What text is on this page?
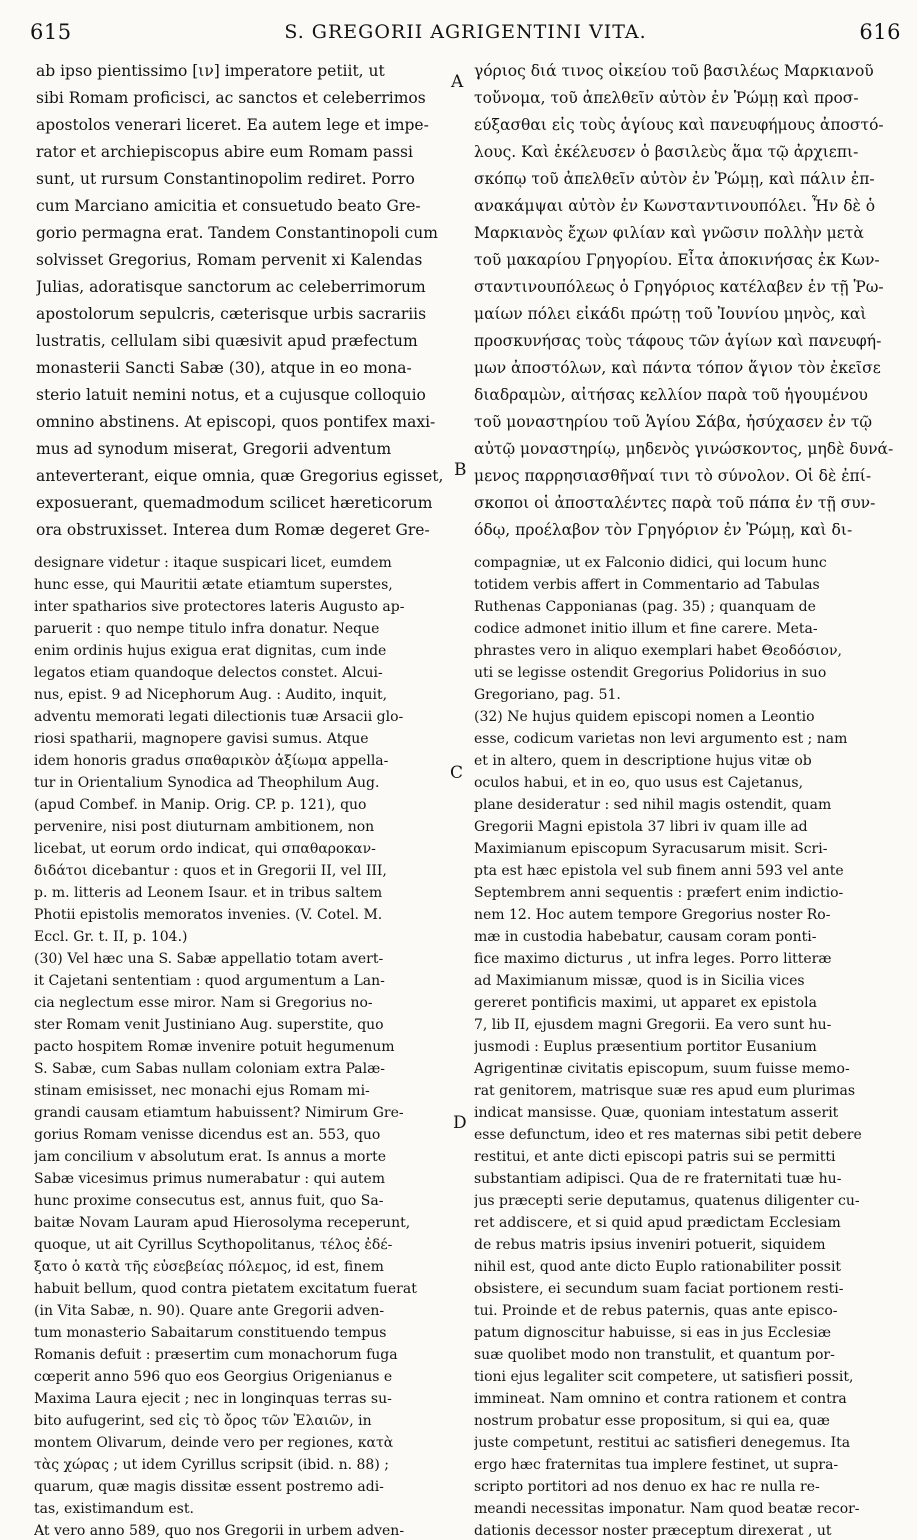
615	S. GREGORII AGRIGENTINI VITA.	616
ab ipso pientissimo [ιν] imperatore petiit, ut
sibi Romam proficisci, ac sanctos et celeberrimos
apostolos venerari liceret. Ea autem lege et impe-
rator et archiepiscopus abire eum Romam passi
sunt, ut rursum Constantinopolim rediret. Porro
cum Marciano amicitia et consuetudo beato Gre-
gorio permagna erat. Tandem Constantinopoli cum
solvisset Gregorius, Romam pervenit xi Kalendas
Julias, adoratisque sanctorum ac celeberrimorum
apostolorum sepulcris, cæterisque urbis sacrariis
lustratis, cellulam sibi quæsivit apud præfectum
monasterii Sancti Sabæ (30), atque in eo mona-
sterio latuit nemini notus, et a cujusque colloquio
omnino abstinens. At episcopi, quos pontifex maxi-
mus ad synodum miserat, Gregorii adventum
anteverterant, eique omnia, quæ Gregorius egisset,
exposuerant, quemadmodum scilicet hæreticorum
ora obstruxisset. Interea dum Romæ degeret Gre-
γόριος διά τινος οἰκείου τοῦ βασιλέως Μαρκιανοῦ
τοὔνομα, τοῦ ἀπελθεῖν αὐτὸν ἐν Ῥώμῃ καὶ προσ-
εύξασθαι εἰς τοὺς ἁγίους καὶ πανευφήμους ἀποστό-
λους. Καὶ ἐκέλευσεν ὁ βασιλεὺς ἅμα τῷ ἀρχιεπι-
σκόπῳ τοῦ ἀπελθεῖν αὐτὸν ἐν Ῥώμῃ, καὶ πάλιν ἐπ-
ανακάμψαι αὐτὸν ἐν Κωνσταντινουπόλει. Ἦν δὲ ὁ
Μαρκιανὸς ἔχων φιλίαν καὶ γνῶσιν πολλὴν μετὰ
τοῦ μακαρίου Γρηγορίου. Εἶτα ἀποκινήσας ἐκ Κων-
σταντινουπόλεως ὁ Γρηγόριος κατέλαβεν ἐν τῇ Ῥω-
μαίων πόλει εἰκάδι πρώτῃ τοῦ Ἰουνίου μηνὸς, καὶ
προσκυνήσας τοὺς τάφους τῶν ἁγίων καὶ πανευφή-
μων ἀποστόλων, καὶ πάντα τόπον ἅγιον τὸν ἐκεῖσε
διαδραμὼν, αἰτήσας κελλίον παρὰ τοῦ ἡγουμένου
τοῦ μοναστηρίου τοῦ Ἁγίου Σάβα, ἡσύχασεν ἐν τῷ
αὐτῷ μοναστηρίῳ, μηδενὸς γινώσκοντος, μηδὲ δυνά-
μενος παρρησιασθῆναί τινι τὸ σύνολον. Οἱ δὲ ἐπί-
σκοποι οἱ ἀποσταλέντες παρὰ τοῦ πάπα ἐν τῇ συν-
όδῳ, προέλαβον τὸν Γρηγόριον ἐν Ῥώμῃ, καὶ δι-
A
B
C
D
designare videtur : itaque suspicari licet, eumdem
hunc esse, qui Mauritii ætate etiamtum superstes,
inter spatharios sive protectores lateris Augusto ap-
paruerit : quo nempe titulo infra donatur. Neque
enim ordinis hujus exigua erat dignitas, cum inde
legatos etiam quandoque delectos constet. Alcui-
nus, epist. 9 ad Nicephorum Aug. : Audito, inquit,
adventu memorati legati dilectionis tuæ Arsacii glo-
riosi spatharii, magnopere gavisi sumus. Atque
idem honoris gradus σπαθαρικὸν ἀξίωμα appella-
tur in Orientalium Synodica ad Theophilum Aug.
(apud Combef. in Manip. Orig. CP. p. 121), quo
pervenire, nisi post diuturnam ambitionem, non
licebat, ut eorum ordo indicat, qui σπαθαροκαν-
διδάτοι dicebantur : quos et in Gregorii II, vel III,
p. m. litteris ad Leonem Isaur. et in tribus saltem
Photii epistolis memoratos invenies. (V. Cotel. M.
Eccl. Gr. t. II, p. 104.)
(30) Vel hæc una S. Sabæ appellatio totam avert-
it Cajetani sententiam : quod argumentum a Lan-
cia neglectum esse miror. Nam si Gregorius no-
ster Romam venit Justiniano Aug. superstite, quo
pacto hospitem Romæ invenire potuit hegumenum
S. Sabæ, cum Sabas nullam coloniam extra Palæ-
stinam emisisset, nec monachi ejus Romam mi-
grandi causam etiamtum habuissent? Nimirum Gre-
gorius Romam venisse dicendus est an. 553, quo
jam concilium v absolutum erat. Is annus a morte
Sabæ vicesimus primus numerabatur : qui autem
hunc proxime consecutus est, annus fuit, quo Sa-
baitæ Novam Lauram apud Hierosolyma receperunt,
quoque, ut ait Cyrillus Scythopolitanus, τέλος ἐδέ-
ξατο ὁ κατὰ τῆς εὐσεβείας πόλεμος, id est, finem
habuit bellum, quod contra pietatem excitatum fuerat
(in Vita Sabæ, n. 90). Quare ante Gregorii adven-
tum monasterio Sabaitarum constituendo tempus
Romanis defuit : præsertim cum monachorum fuga
cœperit anno 596 quo eos Georgius Origenianus e
Maxima Laura ejecit ; nec in longinquas terras su-
bito aufugerint, sed εἰς τὸ ὄρος τῶν Ἐλαιῶν, in
montem Olivarum, deinde vero per regiones, κατὰ
τὰς χώρας ; ut idem Cyrillus scripsit (ibid. n. 88) ;
quarum, quæ magis dissitæ essent postremo adi-
tas, existimandum est.
At vero anno 589, quo nos Gregorii in urbem adven-
compagniæ, ut ex Falconio didici, qui locum hunc
totidem verbis affert in Commentario ad Tabulas
Ruthenas Capponianas (pag. 35) ; quanquam de
codice admonet initio illum et fine carere. Meta-
phrastes vero in aliquo exemplari habet Θεοδόσιον,
uti se legisse ostendit Gregorius Polidorius in suo
Gregoriano, pag. 51.
(32) Ne hujus quidem episcopi nomen a Leontio
esse, codicum varietas non levi argumento est ; nam
et in altero, quem in descriptione hujus vitæ ob
oculos habui, et in eo, quo usus est Cajetanus,
plane desideratur : sed nihil magis ostendit, quam
Gregorii Magni epistola 37 libri iv quam ille ad
Maximianum episcopum Syracusarum misit. Scri-
pta est hæc epistola vel sub finem anni 593 vel ante
Septembrem anni sequentis : præfert enim indictio-
nem 12. Hoc autem tempore Gregorius noster Ro-
mæ in custodia habebatur, causam coram ponti-
fice maximo dicturus , ut infra leges. Porro litteræ
ad Maximianum missæ, quod is in Sicilia vices
gereret pontificis maximi, ut apparet ex epistola
7, lib II, ejusdem magni Gregorii. Ea vero sunt hu-
jusmodi : Euplus præsentium portitor Eusanium
Agrigentinæ civitatis episcopum, suum fuisse memo-
rat genitorem, matrisque suæ res apud eum plurimas
indicat mansisse. Quæ, quoniam intestatum asserit
esse defunctum, ideo et res maternas sibi petit debere
restitui, et ante dicti episcopi patris sui se permitti
substantiam adipisci. Qua de re fraternitati tuæ hu-
jus præcepti serie deputamus, quatenus diligenter cu-
ret addiscere, et si quid apud prædictam Ecclesiam
de rebus matris ipsius inveniri potuerit, siquidem
nihil est, quod ante dicto Euplo rationabiliter possit
obsistere, ei secundum suam faciat portionem resti-
tui. Proinde et de rebus paternis, quas ante episco-
patum dignoscitur habuisse, si eas in jus Ecclesiæ
suæ quolibet modo non transtulit, et quantum por-
tioni ejus legaliter scit competere, ut satisfieri possit,
immineat. Nam omnino et contra rationem et contra
nostrum probatur esse propositum, si qui ea, quæ
juste competunt, restitui ac satisfieri denegemus. Ita
ergo hæc fraternitas tua implere festinet, ut supra-
scripto portitori ad nos denuo ex hac re nulla re-
meandi necessitas imponatur. Nam quod beatæ recor-
dationis decessor noster præceptum direxerat , ut
